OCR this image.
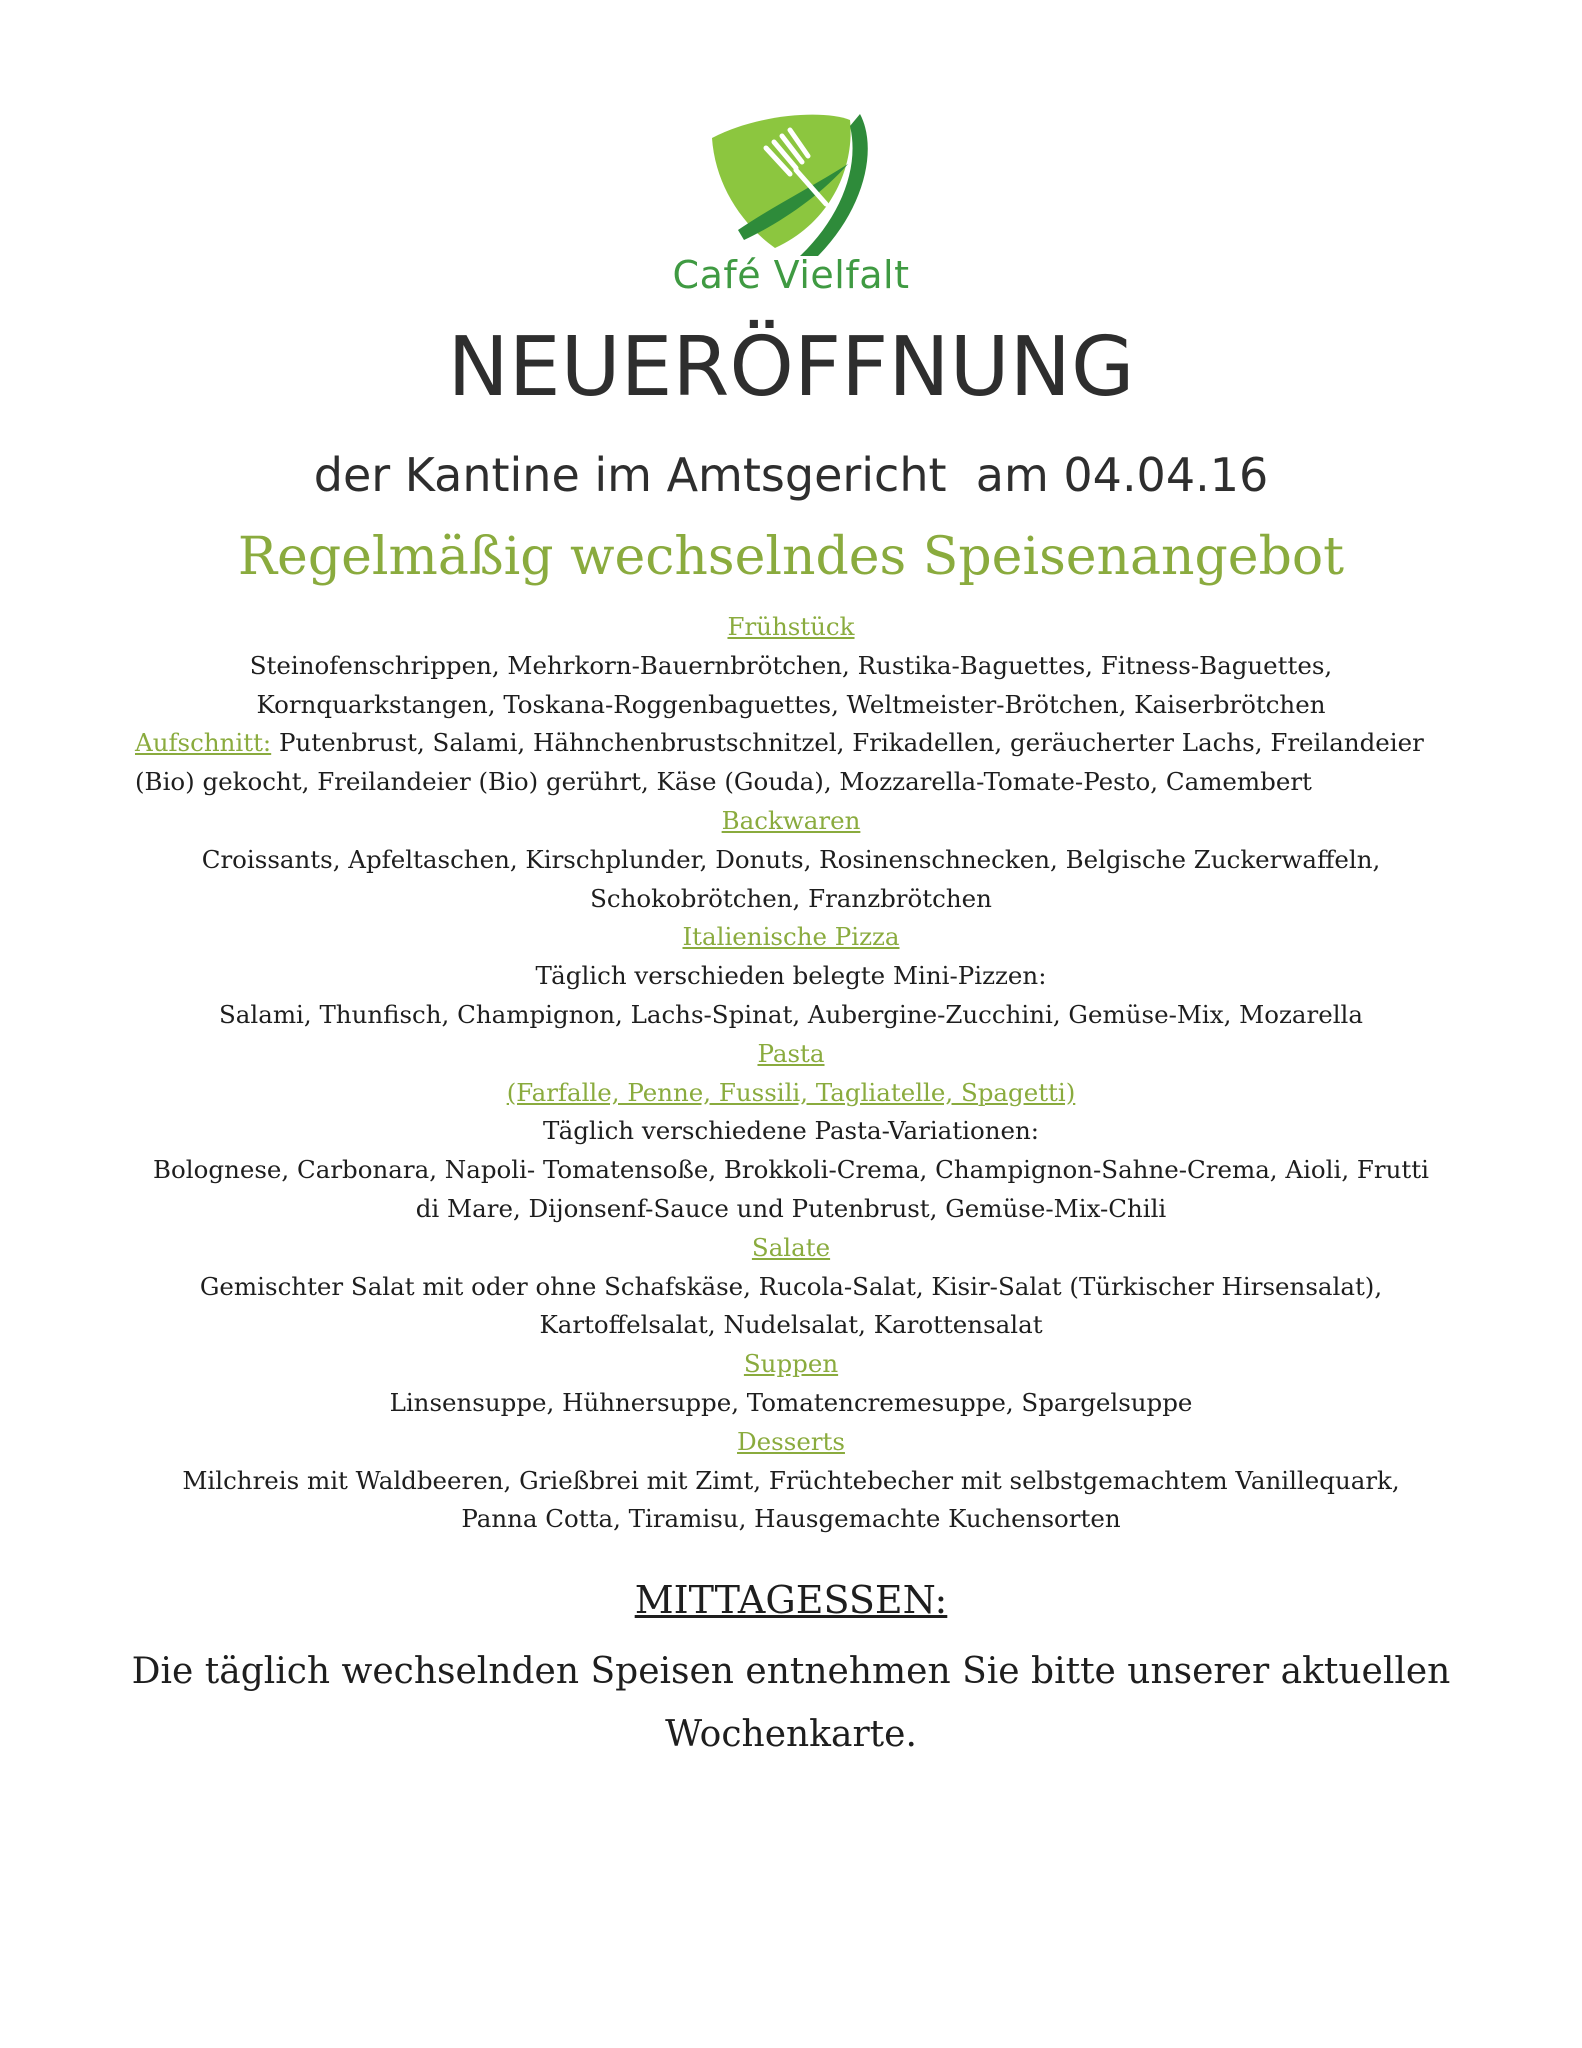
Café Vielfalt
NEUERÖFFNUNG
der Kantine im Amtsgericht  am 04.04.16
Regelmäßig wechselndes Speisenangebot
Frühstück
Steinofenschrippen, Mehrkorn-Bauernbrötchen, Rustika-Baguettes, Fitness-Baguettes,
Kornquarkstangen, Toskana-Roggenbaguettes, Weltmeister-Brötchen, Kaiserbrötchen
Aufschnitt: Putenbrust, Salami, Hähnchenbrustschnitzel, Frikadellen, geräucherter Lachs, Freilandeier
(Bio) gekocht, Freilandeier (Bio) gerührt, Käse (Gouda), Mozzarella-Tomate-Pesto, Camembert
Backwaren
Croissants, Apfeltaschen, Kirschplunder, Donuts, Rosinenschnecken, Belgische Zuckerwaffeln,
Schokobrötchen, Franzbrötchen
Italienische Pizza
Täglich verschieden belegte Mini-Pizzen:
Salami, Thunfisch, Champignon, Lachs-Spinat, Aubergine-Zucchini, Gemüse-Mix, Mozarella
Pasta
(Farfalle, Penne, Fussili, Tagliatelle, Spagetti)
Täglich verschiedene Pasta-Variationen:
Bolognese, Carbonara, Napoli- Tomatensoße, Brokkoli-Crema, Champignon-Sahne-Crema, Aioli, Frutti
di Mare, Dijonsenf-Sauce und Putenbrust, Gemüse-Mix-Chili
Salate
Gemischter Salat mit oder ohne Schafskäse, Rucola-Salat, Kisir-Salat (Türkischer Hirsensalat),
Kartoffelsalat, Nudelsalat, Karottensalat
Suppen
Linsensuppe, Hühnersuppe, Tomatencremesuppe, Spargelsuppe
Desserts
Milchreis mit Waldbeeren, Grießbrei mit Zimt, Früchtebecher mit selbstgemachtem Vanillequark,
Panna Cotta, Tiramisu, Hausgemachte Kuchensorten
MITTAGESSEN:
Die täglich wechselnden Speisen entnehmen Sie bitte unserer aktuellen
Wochenkarte.
